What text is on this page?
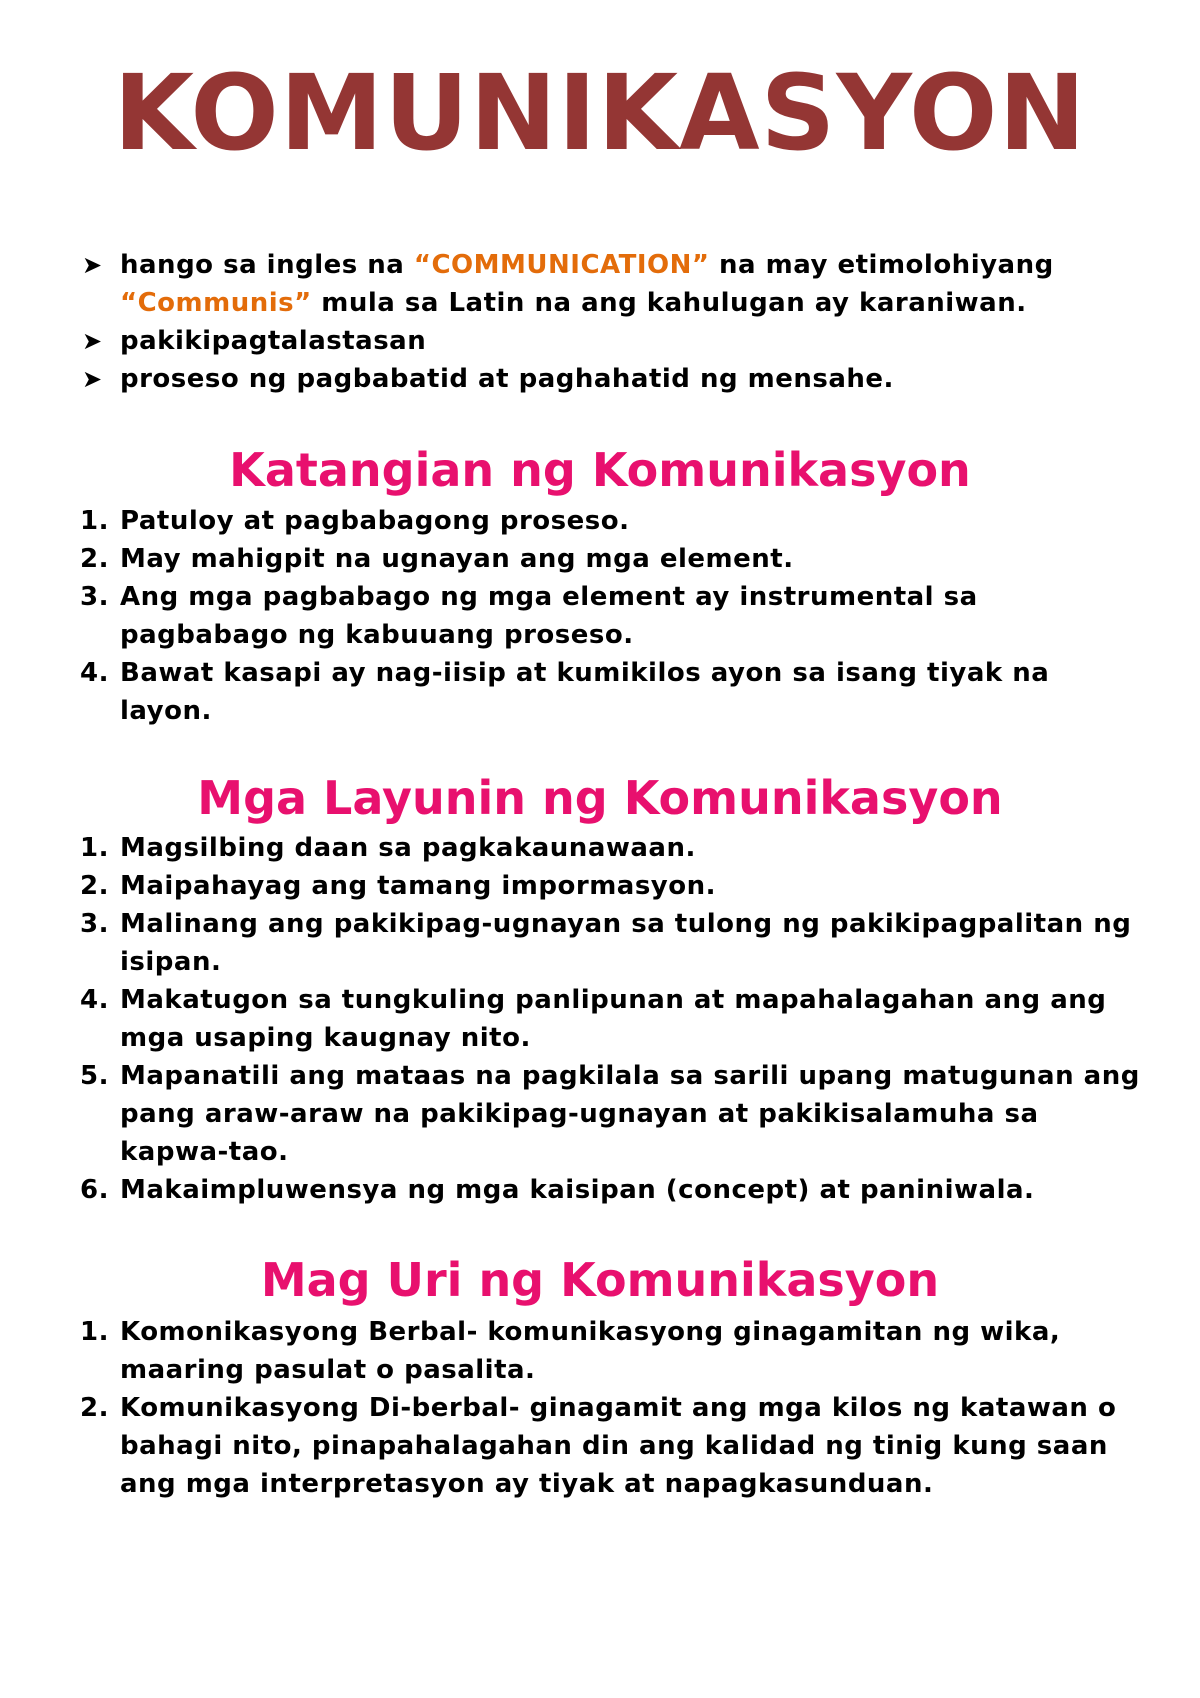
KOMUNIKASYON
➤ hango sa ingles na “COMMUNICATION” na may etimolohiyang
“Communis” mula sa Latin na ang kahulugan ay karaniwan.
➤ pakikipagtalastasan
➤ proseso ng pagbabatid at paghahatid ng mensahe.
Katangian ng Komunikasyon
1. Patuloy at pagbabagong proseso.
2. May mahigpit na ugnayan ang mga element.
3. Ang mga pagbabago ng mga element ay instrumental sa pagbabago ng kabuuang proseso.
4. Bawat kasapi ay nag-iisip at kumikilos ayon sa isang tiyak na layon.
Mga Layunin ng Komunikasyon
1. Magsilbing daan sa pagkakaunawaan.
2. Maipahayag ang tamang impormasyon.
3. Malinang ang pakikipag-ugnayan sa tulong ng pakikipagpalitan ng isipan.
4. Makatugon sa tungkuling panlipunan at mapahalagahan ang ang mga usaping kaugnay nito.
5. Mapanatili ang mataas na pagkilala sa sarili upang matugunan ang pang araw-araw na pakikipag-ugnayan at pakikisalamuha sa kapwa-tao.
6. Makaimpluwensya ng mga kaisipan (concept) at paniniwala.
Mag Uri ng Komunikasyon
1. Komonikasyong Berbal- komunikasyong ginagamitan ng wika, maaring pasulat o pasalita.
2. Komunikasyong Di-berbal- ginagamit ang mga kilos ng katawan o bahagi nito, pinapahalagahan din ang kalidad ng tinig kung saan ang mga interpretasyon ay tiyak at napagkasunduan.
